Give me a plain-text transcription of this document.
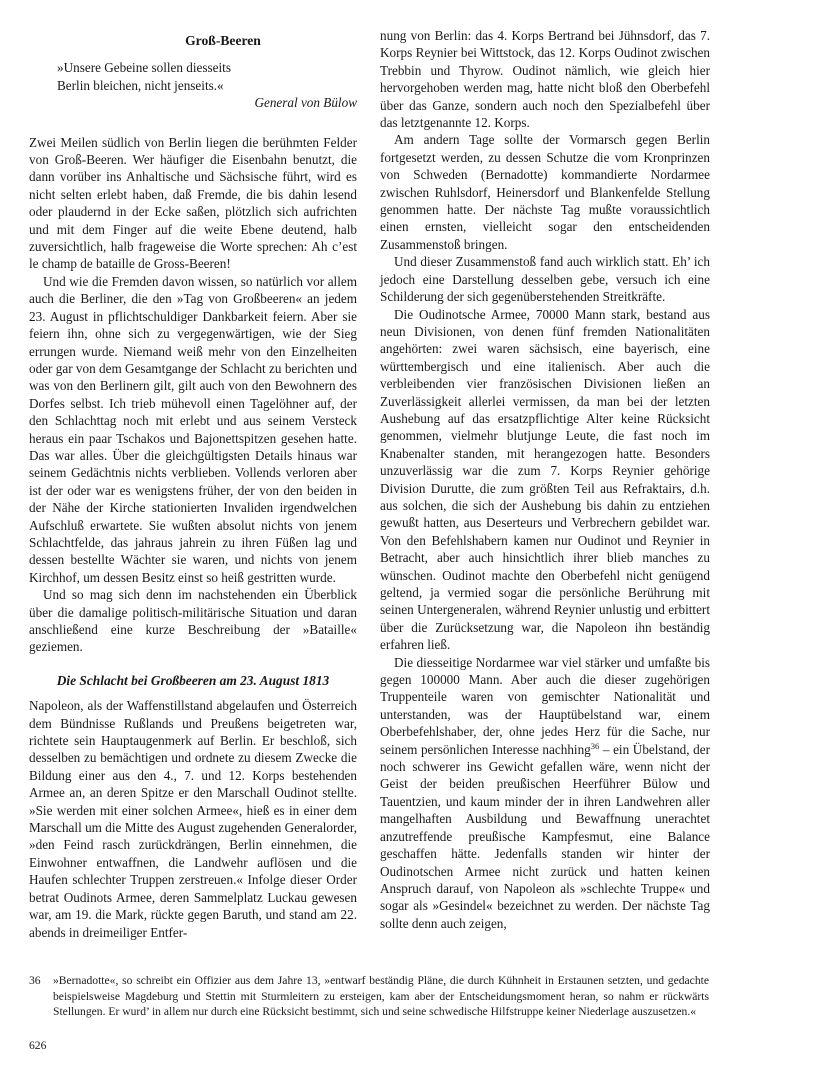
Groß-Beeren
»Unsere Gebeine sollen diesseits
Berlin bleichen, nicht jenseits.«
General von Bülow

Zwei Meilen südlich von Berlin liegen die berühmten Felder von Groß-Beeren. Wer häufiger die Eisenbahn benutzt, die dann vorüber ins Anhaltische und Sächsische führt, wird es nicht selten erlebt haben, daß Fremde, die bis dahin lesend oder plaudernd in der Ecke saßen, plötzlich sich aufrichten und mit dem Finger auf die weite Ebene deutend, halb zuversichtlich, halb frageweise die Worte sprechen: Ah c’est le champ de bataille de Gross-Beeren!

Und wie die Fremden davon wissen, so natürlich vor allem auch die Berliner, die den »Tag von Großbeeren« an jedem 23. August in pflichtschuldiger Dankbarkeit feiern. Aber sie feiern ihn, ohne sich zu vergegenwärtigen, wie der Sieg errungen wurde. Niemand weiß mehr von den Einzelheiten oder gar von dem Gesamtgange der Schlacht zu berichten und was von den Berlinern gilt, gilt auch von den Bewohnern des Dorfes selbst. Ich trieb mühevoll einen Tagelöhner auf, der den Schlachttag noch mit erlebt und aus seinem Versteck heraus ein paar Tschakos und Bajonettspitzen gesehen hatte. Das war alles. Über die gleichgültigsten Details hinaus war seinem Gedächtnis nichts verblieben. Vollends verloren aber ist der oder war es wenigstens früher, der von den beiden in der Nähe der Kirche stationierten Invaliden irgendwelchen Aufschluß erwartete. Sie wußten absolut nichts von jenem Schlachtfelde, das jahraus jahrein zu ihren Füßen lag und dessen bestellte Wächter sie waren, und nichts von jenem Kirchhof, um dessen Besitz einst so heiß gestritten wurde.

Und so mag sich denn im nachstehenden ein Überblick über die damalige politisch-militärische Situation und daran anschließend eine kurze Beschreibung der »Bataille« geziemen.

Die Schlacht bei Großbeeren am 23. August 1813

Napoleon, als der Waffenstillstand abgelaufen und Österreich dem Bündnisse Rußlands und Preußens beigetreten war, richtete sein Hauptaugenmerk auf Berlin. Er beschloß, sich desselben zu bemächtigen und ordnete zu diesem Zwecke die Bildung einer aus den 4., 7. und 12. Korps bestehenden Armee an, an deren Spitze er den Marschall Oudinot stellte. »Sie werden mit einer solchen Armee«, hieß es in einer dem Marschall um die Mitte des August zugehenden Generalorder, »den Feind rasch zurückdrängen, Berlin einnehmen, die Einwohner entwaffnen, die Landwehr auflösen und die Haufen schlechter Truppen zerstreuen.« Infolge dieser Order betrat Oudinots Armee, deren Sammelplatz Luckau gewesen war, am 19. die Mark, rückte gegen Baruth, und stand am 22. abends in dreimeiliger Entfer-

nung von Berlin: das 4. Korps Bertrand bei Jühnsdorf, das 7. Korps Reynier bei Wittstock, das 12. Korps Oudinot zwischen Trebbin und Thyrow. Oudinot nämlich, wie gleich hier hervorgehoben werden mag, hatte nicht bloß den Oberbefehl über das Ganze, sondern auch noch den Spezialbefehl über das letztgenannte 12. Korps.

Am andern Tage sollte der Vormarsch gegen Berlin fortgesetzt werden, zu dessen Schutze die vom Kronprinzen von Schweden (Bernadotte) kommandierte Nordarmee zwischen Ruhlsdorf, Heinersdorf und Blankenfelde Stellung genommen hatte. Der nächste Tag mußte voraussichtlich einen ernsten, vielleicht sogar den entscheidenden Zusammenstoß bringen.

Und dieser Zusammenstoß fand auch wirklich statt. Eh’ ich jedoch eine Darstellung desselben gebe, versuch ich eine Schilderung der sich gegenüberstehenden Streitkräfte.

Die Oudinotsche Armee, 70000 Mann stark, bestand aus neun Divisionen, von denen fünf fremden Nationalitäten angehörten: zwei waren sächsisch, eine bayerisch, eine württembergisch und eine italienisch. Aber auch die verbleibenden vier französischen Divisionen ließen an Zuverlässigkeit allerlei vermissen, da man bei der letzten Aushebung auf das ersatzpflichtige Alter keine Rücksicht genommen, vielmehr blutjunge Leute, die fast noch im Knabenalter standen, mit herangezogen hatte. Besonders unzuverlässig war die zum 7. Korps Reynier gehörige Division Durutte, die zum größten Teil aus Refraktairs, d.h. aus solchen, die sich der Aushebung bis dahin zu entziehen gewußt hatten, aus Deserteurs und Verbrechern gebildet war. Von den Befehlshabern kamen nur Oudinot und Reynier in Betracht, aber auch hinsichtlich ihrer blieb manches zu wünschen. Oudinot machte den Oberbefehl nicht genügend geltend, ja vermied sogar die persönliche Berührung mit seinen Untergeneralen, während Reynier unlustig und erbittert über die Zurücksetzung war, die Napoleon ihn beständig erfahren ließ.

Die diesseitige Nordarmee war viel stärker und umfaßte bis gegen 100000 Mann. Aber auch die dieser zugehörigen Truppenteile waren von gemischter Nationalität und unterstanden, was der Hauptübelstand war, einem Oberbefehlshaber, der, ohne jedes Herz für die Sache, nur seinem persönlichen Interesse nachhing$^{36}$ – ein Übelstand, der noch schwerer ins Gewicht gefallen wäre, wenn nicht der Geist der beiden preußischen Heerführer Bülow und Tauentzien, und kaum minder der in ihren Landwehren aller mangelhaften Ausbildung und Bewaffnung unerachtet anzutreffende preußische Kampfesmut, eine Balance geschaffen hätte. Jedenfalls standen wir hinter der Oudinotschen Armee nicht zurück und hatten keinen Anspruch darauf, von Napoleon als »schlechte Truppe« und sogar als »Gesindel« bezeichnet zu werden. Der nächste Tag sollte denn auch zeigen,

36 »Bernadotte«, so schreibt ein Offizier aus dem Jahre 13, »entwarf beständig Pläne, die durch Kühnheit in Erstaunen setzten, und gedachte beispielsweise Magdeburg und Stettin mit Sturmleitern zu ersteigen, kam aber der Entscheidungsmoment heran, so nahm er rückwärts Stellungen. Er wurd’ in allem nur durch eine Rücksicht bestimmt, sich und seine schwedische Hilfstruppe keiner Niederlage auszusetzen.«
626
